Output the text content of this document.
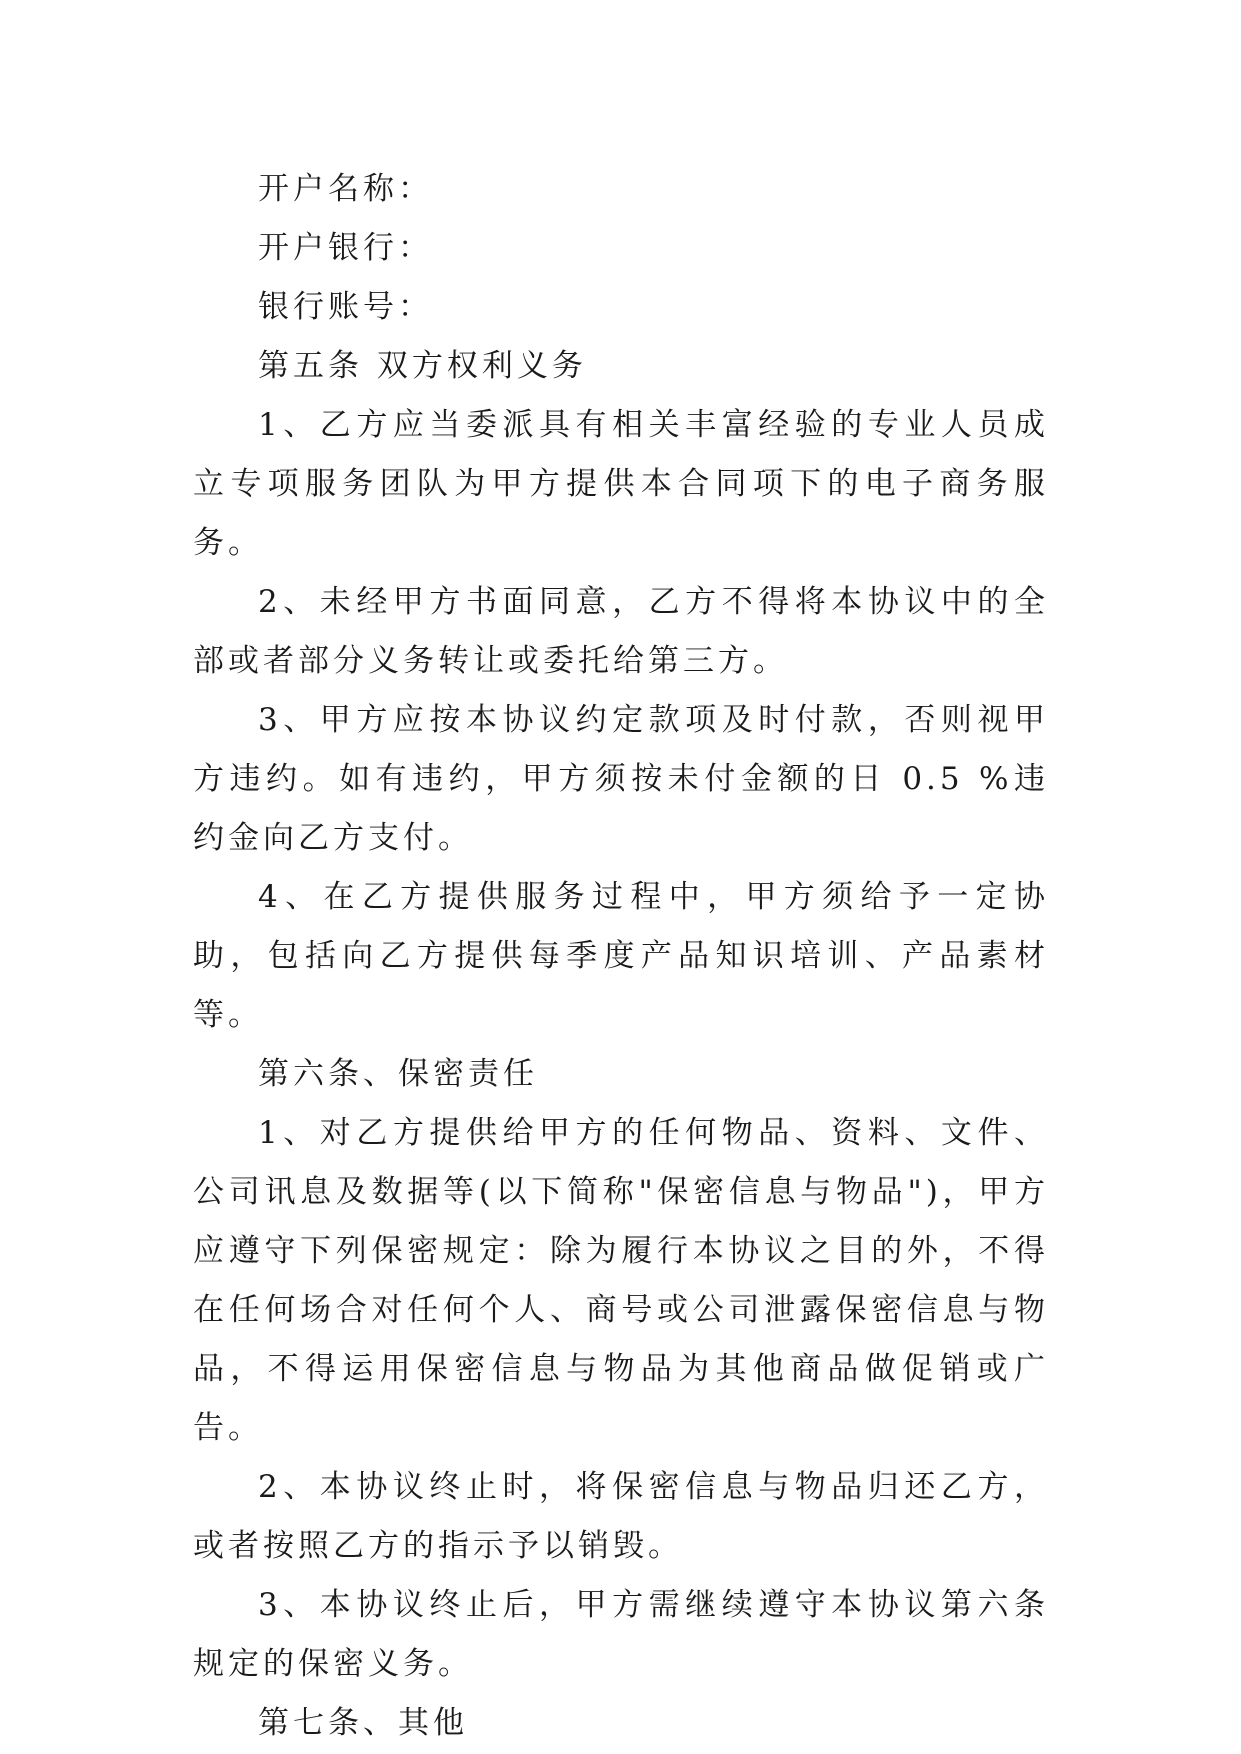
开户名称：

开户银行：

银行账号：

第五条 双方权利义务

1、乙方应当委派具有相关丰富经验的专业人员成立专项服务团队为甲方提供本合同项下的电子商务服务。

2、未经甲方书面同意，乙方不得将本协议中的全部或者部分义务转让或委托给第三方。

3、甲方应按本协议约定款项及时付款，否则视甲方违约。如有违约，甲方须按未付金额的日 0.5 %违约金向乙方支付。

4、在乙方提供服务过程中，甲方须给予一定协助，包括向乙方提供每季度产品知识培训、产品素材等。

第六条、保密责任

1、对乙方提供给甲方的任何物品、资料、文件、公司讯息及数据等(以下简称"保密信息与物品")，甲方应遵守下列保密规定：除为履行本协议之目的外，不得在任何场合对任何个人、商号或公司泄露保密信息与物品，不得运用保密信息与物品为其他商品做促销或广告。

2、本协议终止时，将保密信息与物品归还乙方，或者按照乙方的指示予以销毁。

3、本协议终止后，甲方需继续遵守本协议第六条规定的保密义务。

第七条、其他
